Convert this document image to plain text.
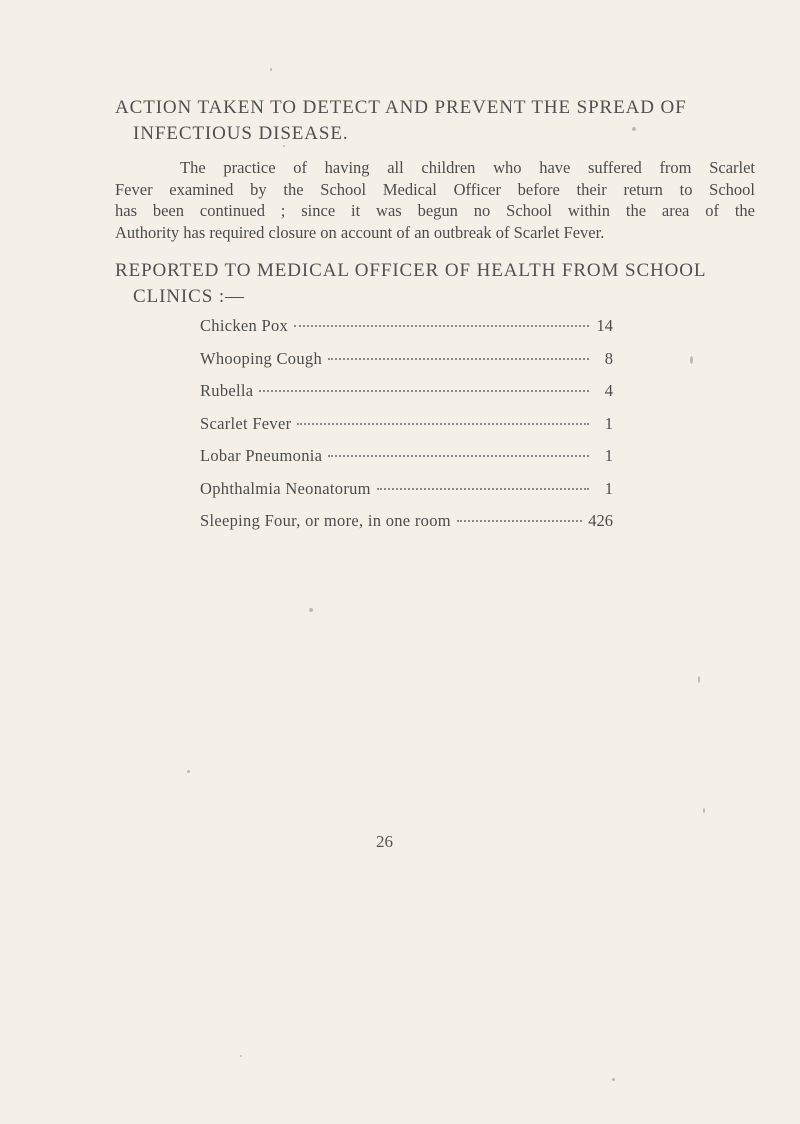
ACTION TAKEN TO DETECT AND PREVENT THE SPREAD OF
INFECTIOUS DISEASE.
The practice of having all children who have suffered from Scarlet
Fever examined by the School Medical Officer before their return to School
has been continued ; since it was begun no School within the area of the
Authority has required closure on account of an outbreak of Scarlet Fever.
REPORTED TO MEDICAL OFFICER OF HEALTH FROM SCHOOL
CLINICS :—
Chicken Pox	14
Whooping Cough	8
Rubella	4
Scarlet Fever	1
Lobar Pneumonia	1
Ophthalmia Neonatorum	1
Sleeping Four, or more, in one room	426
26
